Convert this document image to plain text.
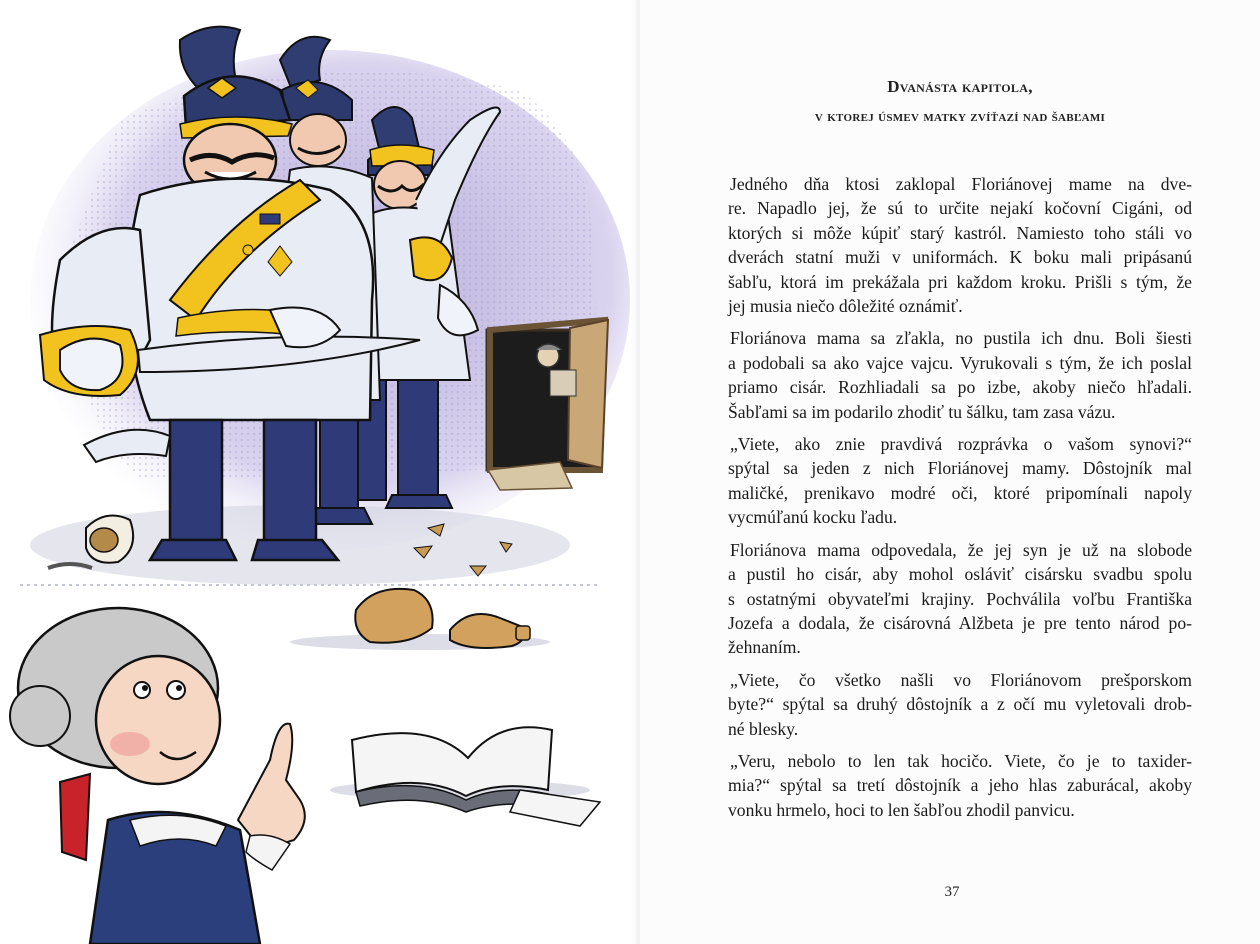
Dvanásta kapitola,
v ktorej úsmev matky zvíťazí nad šabľami

Jedného dňa ktosi zaklopal Floriánovej mame na dve-
re. Napadlo jej, že sú to určite nejakí kočovní Cigáni, od
ktorých si môže kúpiť starý kastról. Namiesto toho stáli vo
dverách statní muži v uniformách. K boku mali pripásanú
šabľu, ktorá im prekážala pri každom kroku. Prišli s tým, že
jej musia niečo dôležité oznámiť.

Floriánova mama sa zľakla, no pustila ich dnu. Boli šiesti
a podobali sa ako vajce vajcu. Vyrukovali s tým, že ich poslal
priamo cisár. Rozhliadali sa po izbe, akoby niečo hľadali.
Šabľami sa im podarilo zhodiť tu šálku, tam zasa vázu.

„Viete, ako znie pravdivá rozprávka o vašom synovi?“
spýtal sa jeden z nich Floriánovej mamy. Dôstojník mal
maličké, prenikavo modré oči, ktoré pripomínali napoly
vycmúľanú kocku ľadu.

Floriánova mama odpovedala, že jej syn je už na slobode
a pustil ho cisár, aby mohol osláviť cisársku svadbu spolu
s ostatnými obyvateľmi krajiny. Pochválila voľbu Františka
Jozefa a dodala, že cisárovná Alžbeta je pre tento národ po-
žehnaním.

„Viete, čo všetko našli vo Floriánovom prešporskom
byte?“ spýtal sa druhý dôstojník a z očí mu vyletovali drob-
né blesky.

„Veru, nebolo to len tak hocičo. Viete, čo je to taxider-
mia?“ spýtal sa tretí dôstojník a jeho hlas zaburácal, akoby
vonku hrmelo, hoci to len šabľou zhodil panvicu.

37
